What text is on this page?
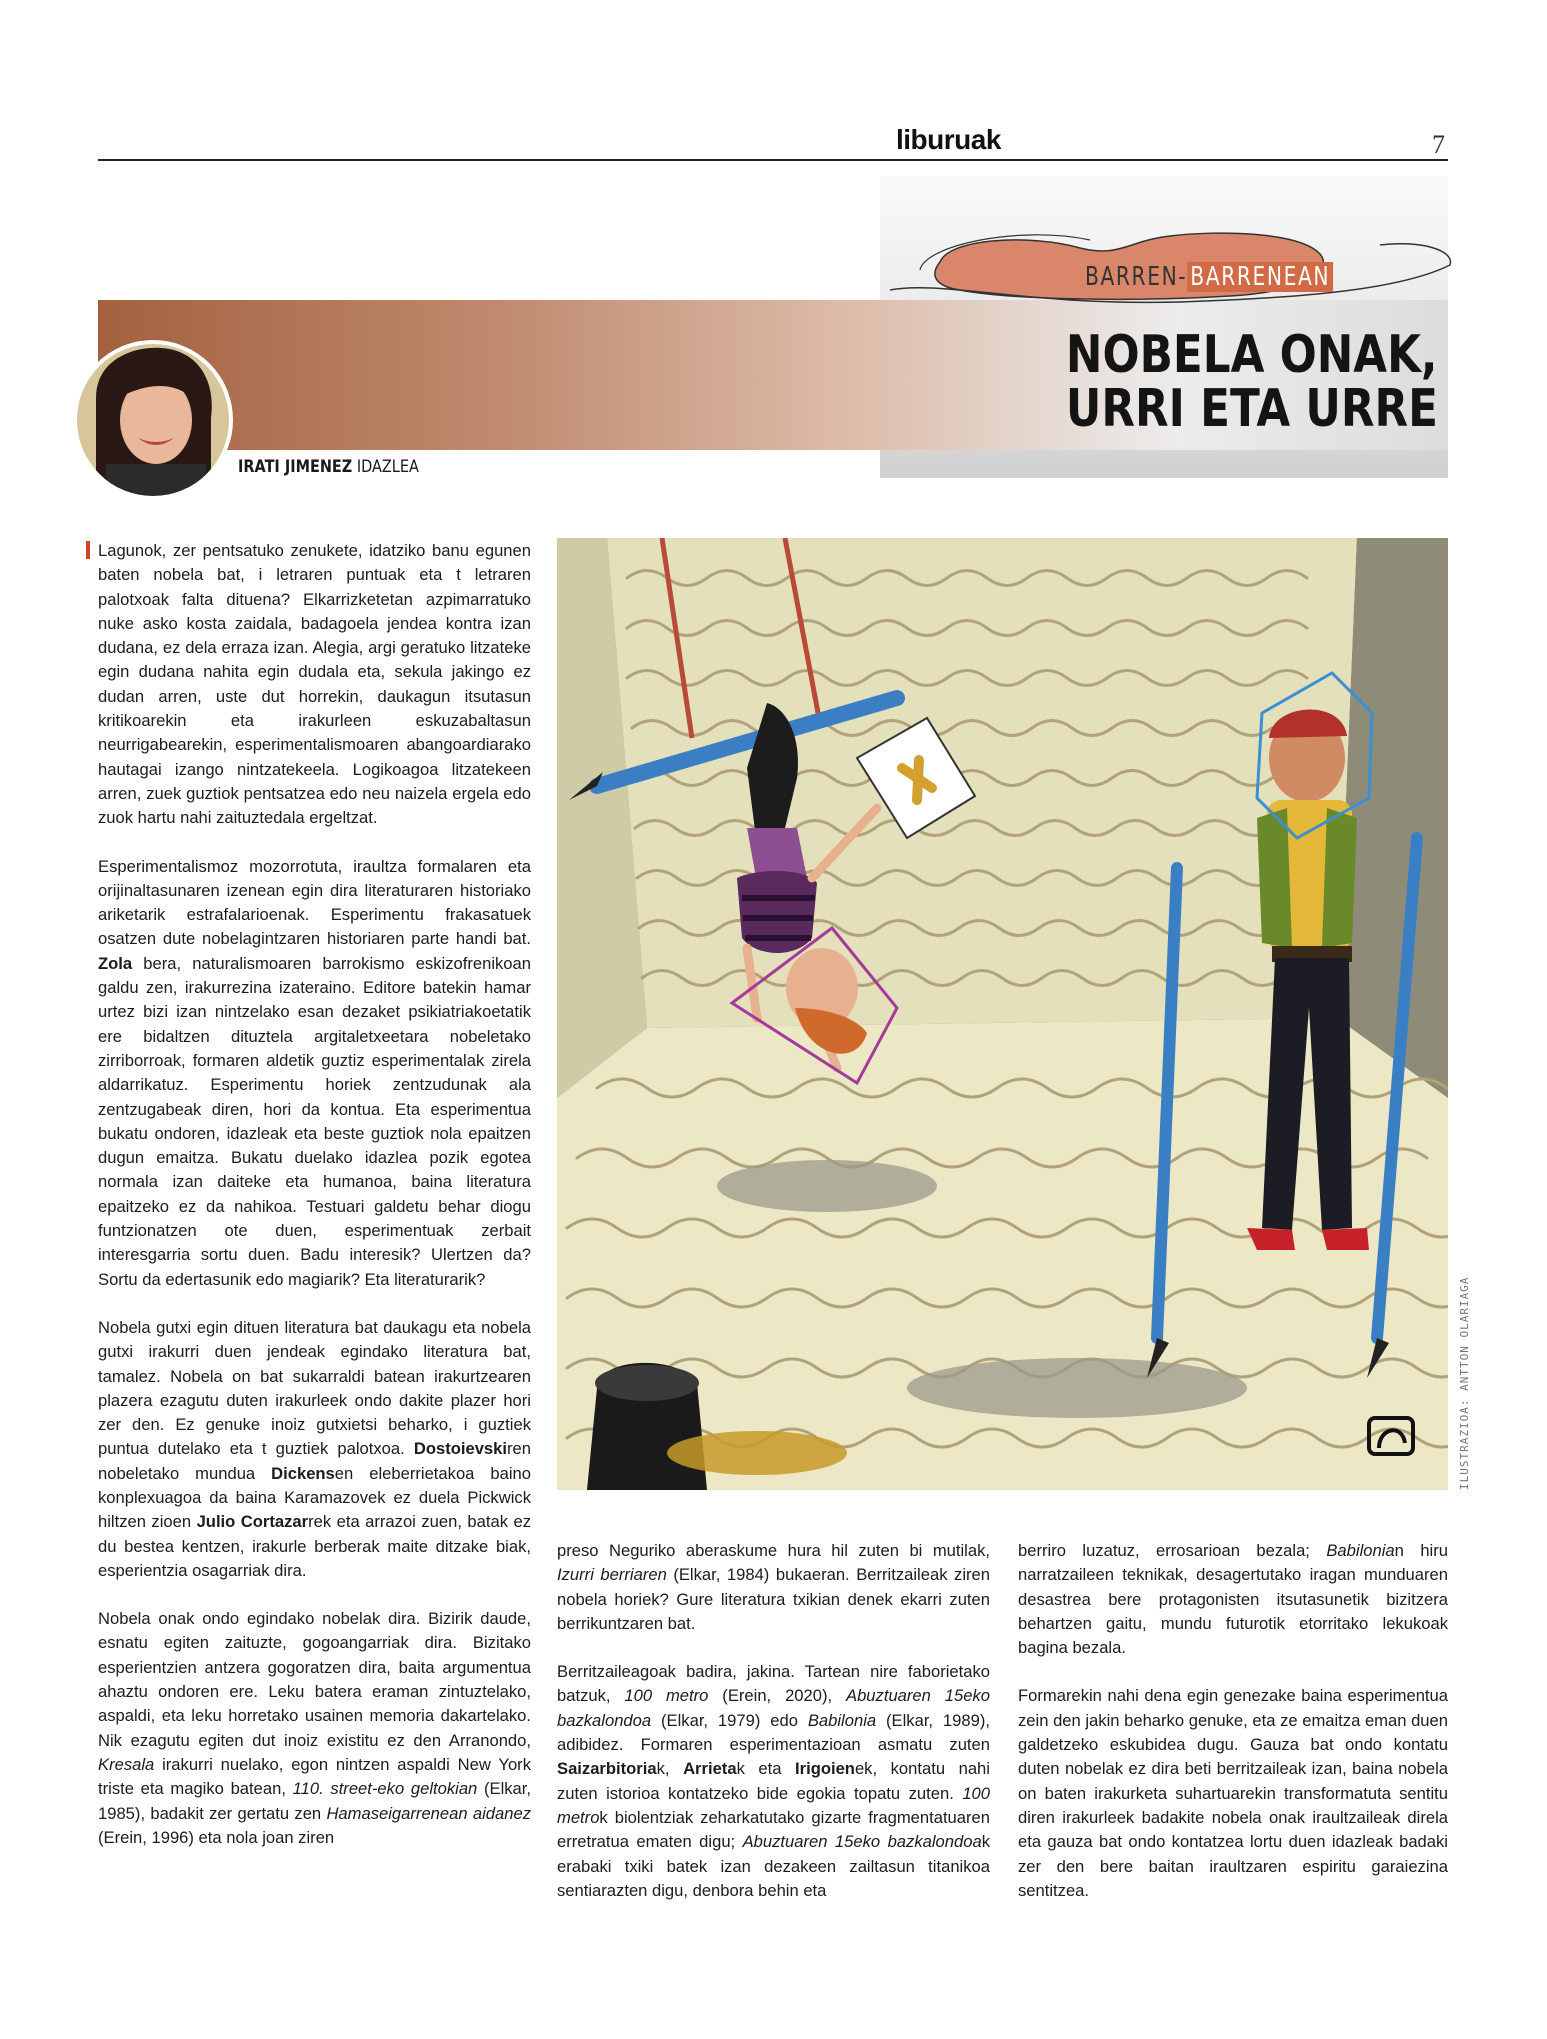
liburuak	7
BARREN- BARRENEAN
NOBELA ONAK,
URRI ETA URRE
IRATI JIMENEZ IDAZLEA

Lagunok, zer pentsatuko zenukete, idatziko banu egunen baten nobela bat, i letraren puntuak eta t letraren palotxoak falta dituena? Elkarrizketetan azpimarratuko nuke asko kosta zaidala, badagoela jendea kontra izan dudana, ez dela erraza izan. Alegia, argi geratuko litzateke egin dudana nahita egin dudala eta, sekula jakingo ez dudan arren, uste dut horrekin, daukagun itsutasun kritikoarekin eta irakurleen eskuzabaltasun neurrigabearekin, esperimentalismoaren abangoardiarako hautagai izango nintzatekeela. Logikoagoa litzatekeen arren, zuek guztiok pentsatzea edo neu naizela ergela edo zuok hartu nahi zaituztedala ergeltzat.

Esperimentalismoz mozorrotuta, iraultza formalaren eta orijinaltasunaren izenean egin dira literaturaren historiako ariketarik estrafalarioenak. Esperimentu frakasatuek osatzen dute nobelagintzaren historiaren parte handi bat. Zola bera, naturalismoaren barrokismo eskizofrenikoan galdu zen, irakurrezina izateraino. Editore batekin hamar urtez bizi izan nintzelako esan dezaket psikiatriakoetatik ere bidaltzen dituztela argitaletxeetara nobeletako zirriborroak, formaren aldetik guztiz esperimentalak zirela aldarrikatuz. Esperimentu horiek zentzudunak ala zentzugabeak diren, hori da kontua. Eta esperimentua bukatu ondoren, idazleak eta beste guztiok nola epaitzen dugun emaitza. Bukatu duelako idazlea pozik egotea normala izan daiteke eta humanoa, baina literatura epaitzeko ez da nahikoa. Testuari galdetu behar diogu funtzionatzen ote duen, esperimentuak zerbait interesgarria sortu duen. Badu interesik? Ulertzen da? Sortu da edertasunik edo magiarik? Eta literaturarik?

Nobela gutxi egin dituen literatura bat daukagu eta nobela gutxi irakurri duen jendeak egindako literatura bat, tamalez. Nobela on bat sukarraldi batean irakurtzearen plazera ezagutu duten irakurleek ondo dakite plazer hori zer den. Ez genuke inoiz gutxietsi beharko, i guztiek puntua dutelako eta t guztiek palotxoa. Dostoievskiren nobeletako mundua Dickensen eleberrietakoa baino konplexuagoa da baina Karamazovek ez duela Pickwick hiltzen zioen Julio Cortazarrek eta arrazoi zuen, batak ez du bestea kentzen, irakurle berberak maite ditzake biak, esperientzia osagarriak dira.

Nobela onak ondo egindako nobelak dira. Bizirik daude, esnatu egiten zaituzte, gogoangarriak dira. Bizitako esperientzien antzera gogoratzen dira, baita argumentua ahaztu ondoren ere. Leku batera eraman zintuztelako, aspaldi, eta leku horretako usainen memoria dakartelako. Nik ezagutu egiten dut inoiz existitu ez den Arranondo, Kresala irakurri nuelako, egon nintzen aspaldi New York triste eta magiko batean, 110. street-eko geltokian (Elkar, 1985), badakit zer gertatu zen Hamaseigarrenean aidanez (Erein, 1996) eta nola joan ziren

ILUSTRAZIOA: ANTTON OLARIAGA

preso Neguriko aberaskume hura hil zuten bi mutilak, Izurri berriaren (Elkar, 1984) bukaeran. Berritzaileak ziren nobela horiek? Gure literatura txikian denek ekarri zuten berrikuntzaren bat.

Berritzaileagoak badira, jakina. Tartean nire faborietako batzuk, 100 metro (Erein, 2020), Abuztuaren 15eko bazkalondoa (Elkar, 1979) edo Babilonia (Elkar, 1989), adibidez. Formaren esperimentazioan asmatu zuten Saizarbitoriak, Arrietak eta Irigoienek, kontatu nahi zuten istorioa kontatzeko bide egokia topatu zuten. 100 metrok biolentziak zeharkatutako gizarte fragmentatuaren erretratua ematen digu; Abuztuaren 15eko bazkalondoak erabaki txiki batek izan dezakeen zailtasun titanikoa sentiarazten digu, denbora behin eta

berriro luzatuz, errosarioan bezala; Babilonian hiru narratzaileen teknikak, desagertutako iragan munduaren desastrea bere protagonisten itsutasunetik bizitzera behartzen gaitu, mundu futurotik etorritako lekukoak bagina bezala.

Formarekin nahi dena egin genezake baina esperimentua zein den jakin beharko genuke, eta ze emaitza eman duen galdetzeko eskubidea dugu. Gauza bat ondo kontatu duten nobelak ez dira beti berritzaileak izan, baina nobela on baten irakurketa suhartuarekin transformatuta sentitu diren irakurleek badakite nobela onak iraultzaileak direla eta gauza bat ondo kontatzea lortu duen idazleak badaki zer den bere baitan iraultzaren espiritu garaiezina sentitzea.
